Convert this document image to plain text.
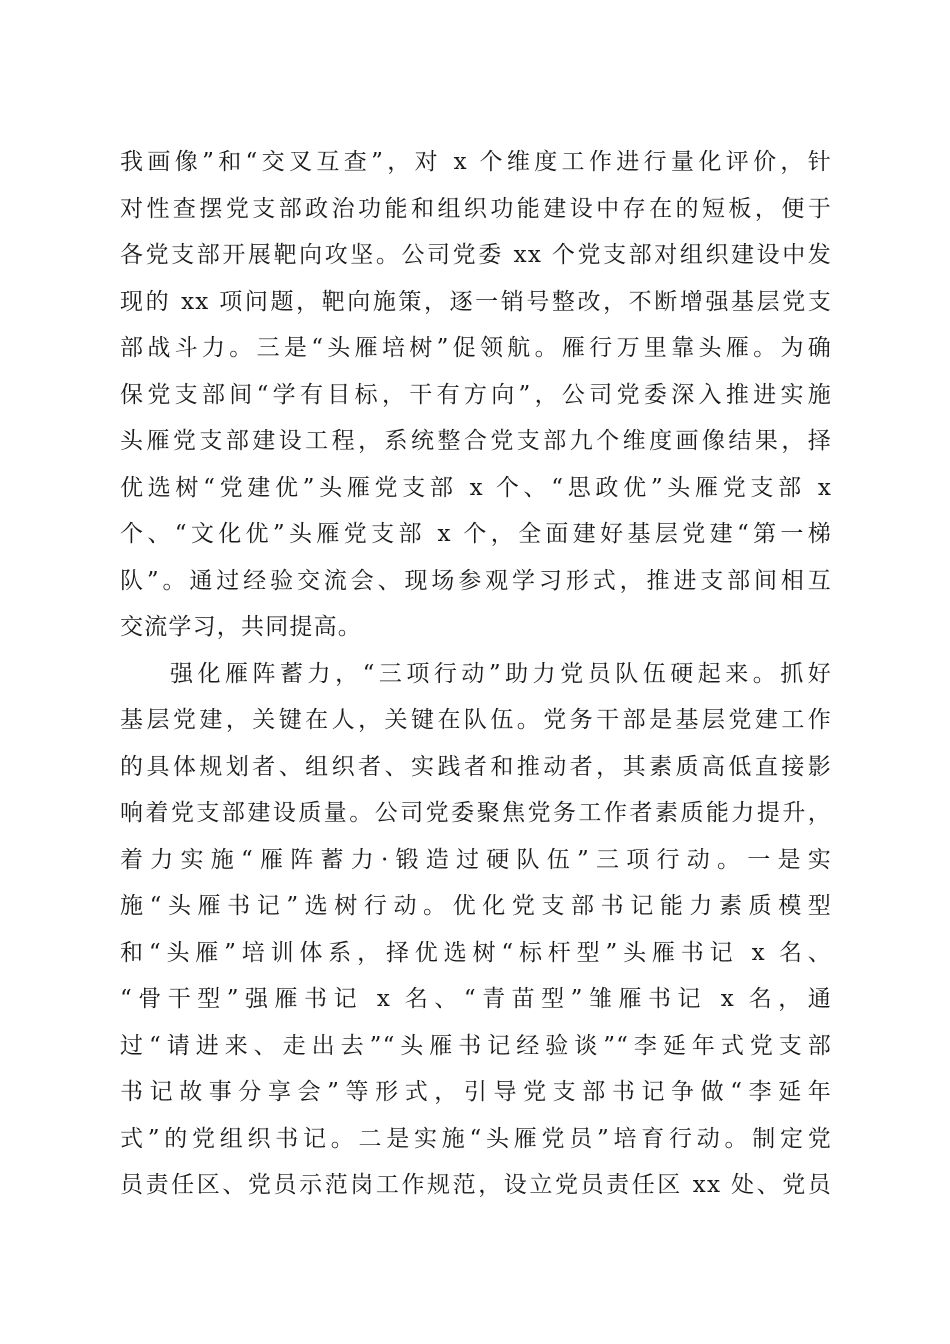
我画像”和“交叉互查”，对 x 个维度工作进行量化评价，针
对性查摆党支部政治功能和组织功能建设中存在的短板，便于
各党支部开展靶向攻坚。公司党委 xx 个党支部对组织建设中发
现的 xx 项问题，靶向施策，逐一销号整改，不断增强基层党支
部战斗力。三是“头雁培树”促领航。雁行万里靠头雁。为确
保党支部间“学有目标，干有方向”，公司党委深入推进实施
头雁党支部建设工程，系统整合党支部九个维度画像结果，择
优选树“党建优”头雁党支部 x 个、“思政优”头雁党支部 x
个、“文化优”头雁党支部 x 个，全面建好基层党建“第一梯
队”。通过经验交流会、现场参观学习形式，推进支部间相互
交流学习，共同提高。
强化雁阵蓄力，“三项行动”助力党员队伍硬起来。抓好
基层党建，关键在人，关键在队伍。党务干部是基层党建工作
的具体规划者、组织者、实践者和推动者，其素质高低直接影
响着党支部建设质量。公司党委聚焦党务工作者素质能力提升，
着力实施“雁阵蓄力·锻造过硬队伍”三项行动。一是实
施“头雁书记”选树行动。优化党支部书记能力素质模型
和“头雁”培训体系，择优选树“标杆型”头雁书记 x 名、
“骨干型”强雁书记 x 名、“青苗型”雏雁书记 x 名，通
过“请进来、走出去”“头雁书记经验谈”“李延年式党支部
书记故事分享会”等形式，引导党支部书记争做“李延年
式”的党组织书记。二是实施“头雁党员”培育行动。制定党
员责任区、党员示范岗工作规范，设立党员责任区 xx 处、党员
